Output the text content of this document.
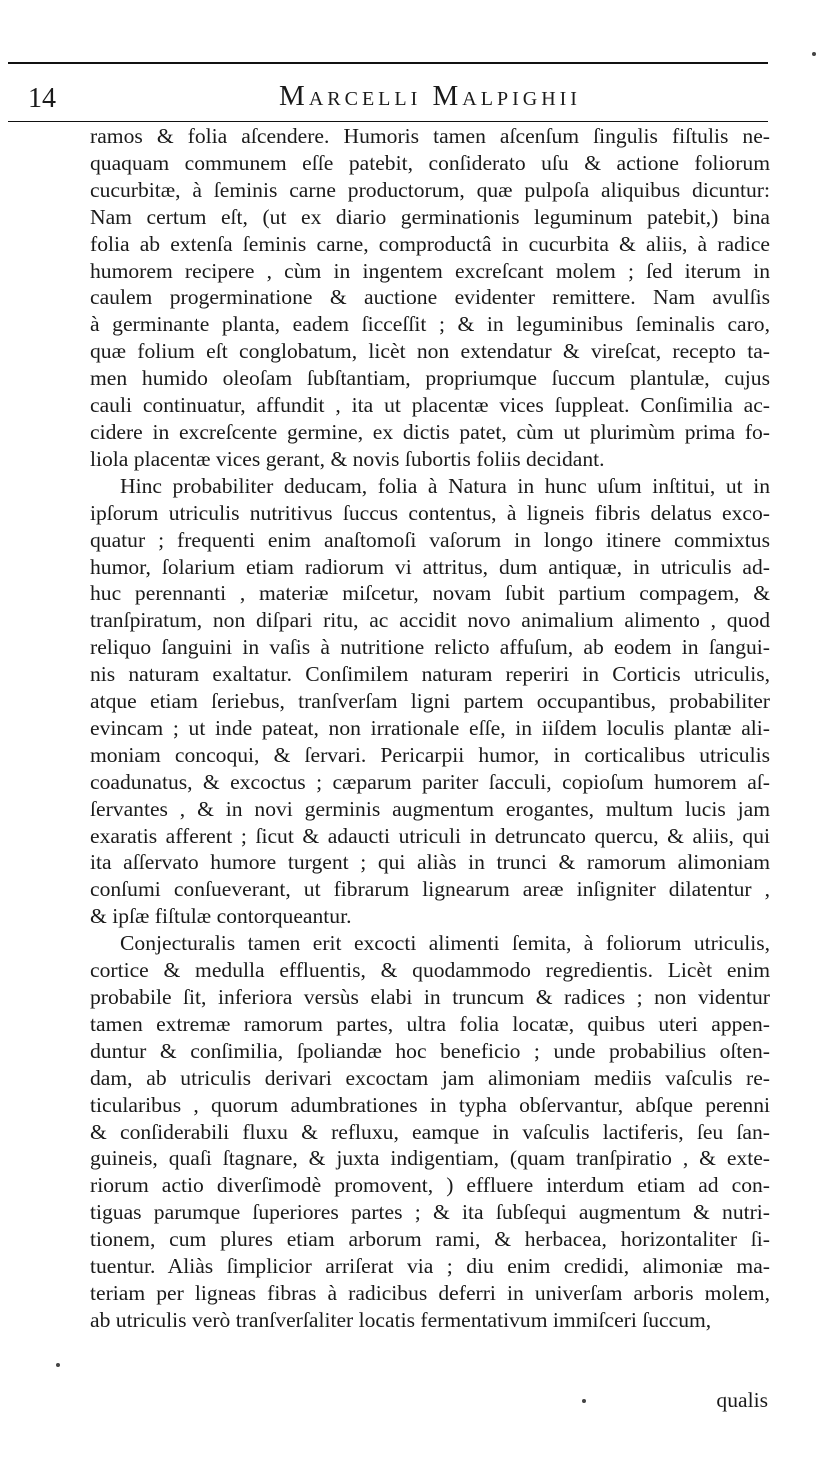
14	Marcelli Malpighii
ramos & folia aſcendere. Humoris tamen aſcenſum ſingulis fiſtulis ne-
quaquam communem eſſe patebit, conſiderato uſu & actione foliorum
cucurbitæ, à ſeminis carne productorum, quæ pulpoſa aliquibus dicuntur:
Nam certum eſt, (ut ex diario germinationis leguminum patebit,) bina
folia ab extenſa ſeminis carne, comproductâ in cucurbita & aliis, à radice
humorem recipere , cùm in ingentem excreſcant molem ; ſed iterum in
caulem progerminatione & auctione evidenter remittere. Nam avulſis
à germinante planta, eadem ſicceſſit ; & in leguminibus ſeminalis caro,
quæ folium eſt conglobatum, licèt non extendatur & vireſcat, recepto ta-
men humido oleoſam ſubſtantiam, propriumque ſuccum plantulæ, cujus
cauli continuatur, affundit , ita ut placentæ vices ſuppleat. Conſimilia ac-
cidere in excreſcente germine, ex dictis patet, cùm ut plurimùm prima fo-
liola placentæ vices gerant, & novis ſubortis foliis decidant.
Hinc probabiliter deducam, folia à Natura in hunc uſum inſtitui, ut in
ipſorum utriculis nutritivus ſuccus contentus, à ligneis fibris delatus exco-
quatur ; frequenti enim anaſtomoſi vaſorum in longo itinere commixtus
humor, ſolarium etiam radiorum vi attritus, dum antiquæ, in utriculis ad-
huc perennanti , materiæ miſcetur, novam ſubit partium compagem, &
tranſpiratum, non diſpari ritu, ac accidit novo animalium alimento , quod
reliquo ſanguini in vaſis à nutritione relicto affuſum, ab eodem in ſangui-
nis naturam exaltatur. Conſimilem naturam reperiri in Corticis utriculis,
atque etiam ſeriebus, tranſverſam ligni partem occupantibus, probabiliter
evincam ; ut inde pateat, non irrationale eſſe, in iiſdem loculis plantæ ali-
moniam concoqui, & ſervari. Pericarpii humor, in corticalibus utriculis
coadunatus, & excoctus ; cæparum pariter ſacculi, copioſum humorem aſ-
ſervantes , & in novi germinis augmentum erogantes, multum lucis jam
exaratis afferent ; ſicut & adaucti utriculi in detruncato quercu, & aliis, qui
ita aſſervato humore turgent ; qui aliàs in trunci & ramorum alimoniam
conſumi conſueverant, ut fibrarum lignearum areæ inſigniter dilatentur ,
& ipſæ fiſtulæ contorqueantur.
Conjecturalis tamen erit excocti alimenti ſemita, à foliorum utriculis,
cortice & medulla effluentis, & quodammodo regredientis. Licèt enim
probabile ſit, inferiora versùs elabi in truncum & radices ; non videntur
tamen extremæ ramorum partes, ultra folia locatæ, quibus uteri appen-
duntur & conſimilia, ſpoliandæ hoc beneficio ; unde probabilius oſten-
dam, ab utriculis derivari excoctam jam alimoniam mediis vaſculis re-
ticularibus , quorum adumbrationes in typha obſervantur, abſque perenni
& conſiderabili fluxu & refluxu, eamque in vaſculis lactiferis, ſeu ſan-
guineis, quaſi ſtagnare, & juxta indigentiam, (quam tranſpiratio , & exte-
riorum actio diverſimodè promovent, ) effluere interdum etiam ad con-
tiguas parumque ſuperiores partes ; & ita ſubſequi augmentum & nutri-
tionem, cum plures etiam arborum rami, & herbacea, horizontaliter ſi-
tuentur. Aliàs ſimplicior arriſerat via ; diu enim credidi, alimoniæ ma-
teriam per ligneas fibras à radicibus deferri in univerſam arboris molem,
ab utriculis verò tranſverſaliter locatis fermentativum immiſceri ſuccum,
qualis
